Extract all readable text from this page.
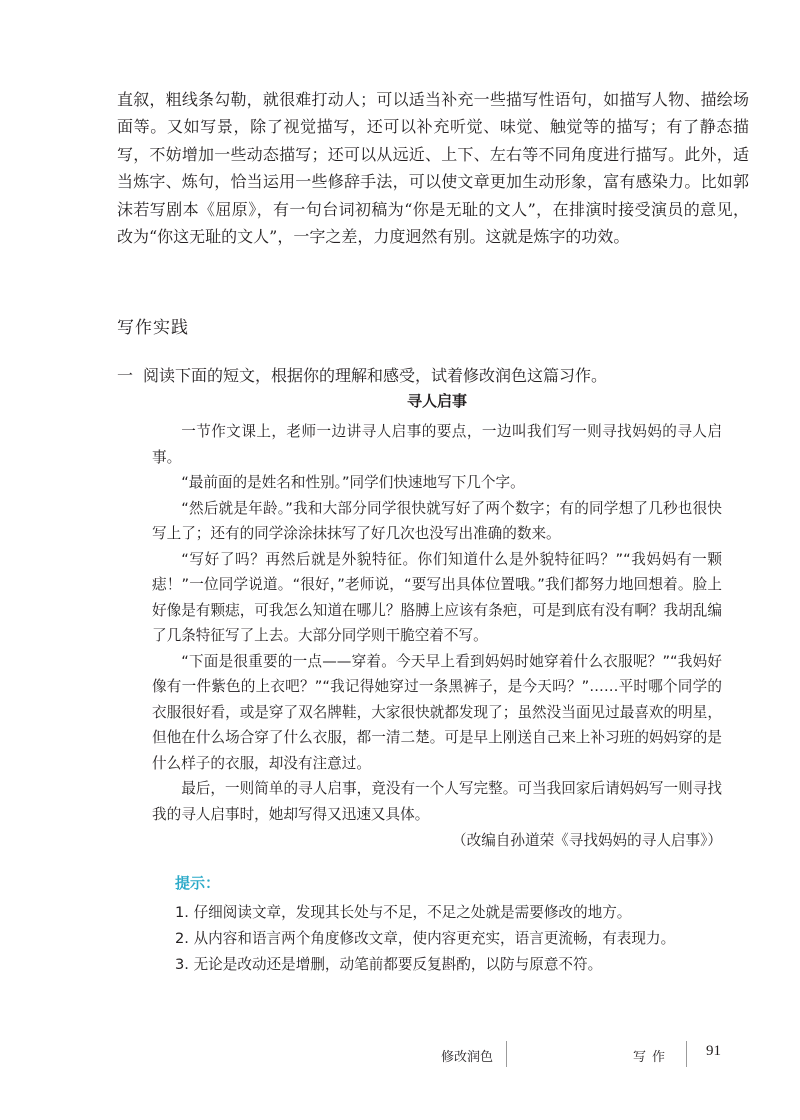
直叙，粗线条勾勒，就很难打动人；可以适当补充一些描写性语句，如描写人物、描绘场面等。又如写景，除了视觉描写，还可以补充听觉、味觉、触觉等的描写；有了静态描写，不妨增加一些动态描写；还可以从远近、上下、左右等不同角度进行描写。此外，适当炼字、炼句，恰当运用一些修辞手法，可以使文章更加生动形象，富有感染力。比如郭沫若写剧本《屈原》，有一句台词初稿为“你是无耻的文人”，在排演时接受演员的意见，改为“你这无耻的文人”，一字之差，力度迥然有别。这就是炼字的功效。

写作实践
一 阅读下面的短文，根据你的理解和感受，试着修改润色这篇习作。
寻人启事

一节作文课上，老师一边讲寻人启事的要点，一边叫我们写一则寻找妈妈的寻人启事。

“最前面的是姓名和性别。”同学们快速地写下几个字。

“然后就是年龄。”我和大部分同学很快就写好了两个数字；有的同学想了几秒也很快写上了；还有的同学涂涂抹抹写了好几次也没写出准确的数来。

“写好了吗？再然后就是外貌特征。你们知道什么是外貌特征吗？”“我妈妈有一颗痣！”一位同学说道。“很好，”老师说，“要写出具体位置哦。”我们都努力地回想着。脸上好像是有颗痣，可我怎么知道在哪儿？胳膊上应该有条疤，可是到底有没有啊？我胡乱编了几条特征写了上去。大部分同学则干脆空着不写。

“下面是很重要的一点——穿着。今天早上看到妈妈时她穿着什么衣服呢？”“我妈好像有一件紫色的上衣吧？”“我记得她穿过一条黑裤子，是今天吗？”……平时哪个同学的衣服很好看，或是穿了双名牌鞋，大家很快就都发现了；虽然没当面见过最喜欢的明星，但他在什么场合穿了什么衣服，都一清二楚。可是早上刚送自己来上补习班的妈妈穿的是什么样子的衣服，却没有注意过。

最后，一则简单的寻人启事，竟没有一个人写完整。可当我回家后请妈妈写一则寻找我的寻人启事时，她却写得又迅速又具体。

（改编自孙道荣《寻找妈妈的寻人启事》）

提示：
1. 仔细阅读文章，发现其长处与不足，不足之处就是需要修改的地方。
2. 从内容和语言两个角度修改文章，使内容更充实，语言更流畅，有表现力。
3. 无论是改动还是增删，动笔前都要反复斟酌，以防与原意不符。
修改润色	写作 91
